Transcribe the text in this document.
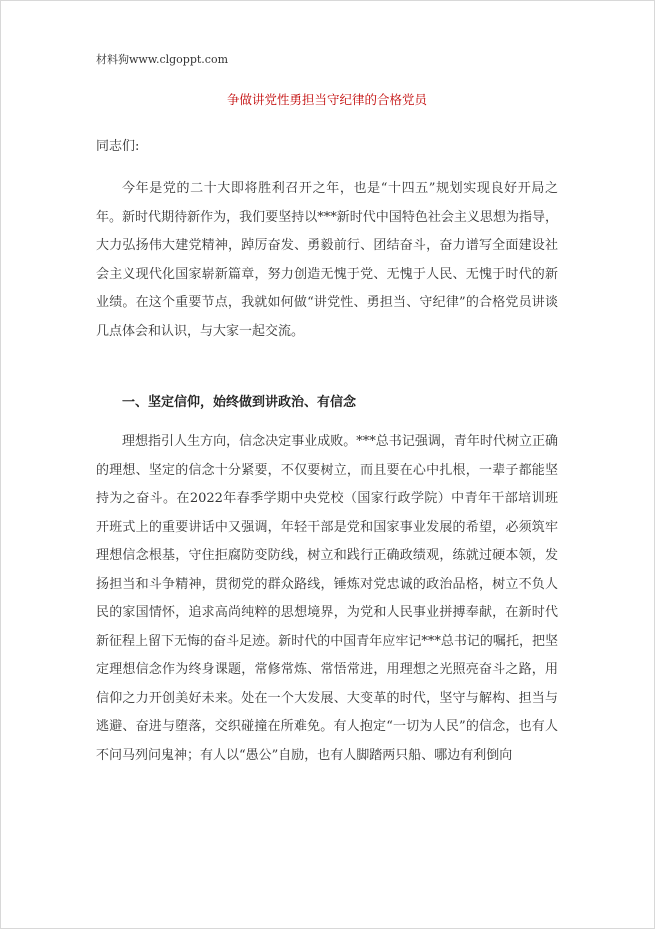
材料狗www.clgoppt.com
争做讲党性勇担当守纪律的合格党员
同志们:

今年是党的二十大即将胜利召开之年，也是“十四五”规划实现良好开局之年。新时代期待新作为，我们要坚持以***新时代中国特色社会主义思想为指导，大力弘扬伟大建党精神，踔厉奋发、勇毅前行、团结奋斗，奋力谱写全面建设社会主义现代化国家崭新篇章，努力创造无愧于党、无愧于人民、无愧于时代的新业绩。在这个重要节点，我就如何做“讲党性、勇担当、守纪律”的合格党员讲谈几点体会和认识，与大家一起交流。

一、坚定信仰，始终做到讲政治、有信念

理想指引人生方向，信念决定事业成败。***总书记强调，青年时代树立正确的理想、坚定的信念十分紧要，不仅要树立，而且要在心中扎根，一辈子都能坚持为之奋斗。在2022年春季学期中央党校（国家行政学院）中青年干部培训班开班式上的重要讲话中又强调，年轻干部是党和国家事业发展的希望，必须筑牢理想信念根基，守住拒腐防变防线，树立和践行正确政绩观，练就过硬本领，发扬担当和斗争精神，贯彻党的群众路线，锤炼对党忠诚的政治品格，树立不负人民的家国情怀，追求高尚纯粹的思想境界，为党和人民事业拼搏奉献，在新时代新征程上留下无悔的奋斗足迹。新时代的中国青年应牢记***总书记的嘱托，把坚定理想信念作为终身课题，常修常炼、常悟常进，用理想之光照亮奋斗之路，用信仰之力开创美好未来。处在一个大发展、大变革的时代，坚守与解构、担当与逃避、奋进与堕落，交织碰撞在所难免。有人抱定“一切为人民”的信念，也有人不问马列问鬼神；有人以“愚公”自励，也有人脚踏两只船、哪边有利倒向
